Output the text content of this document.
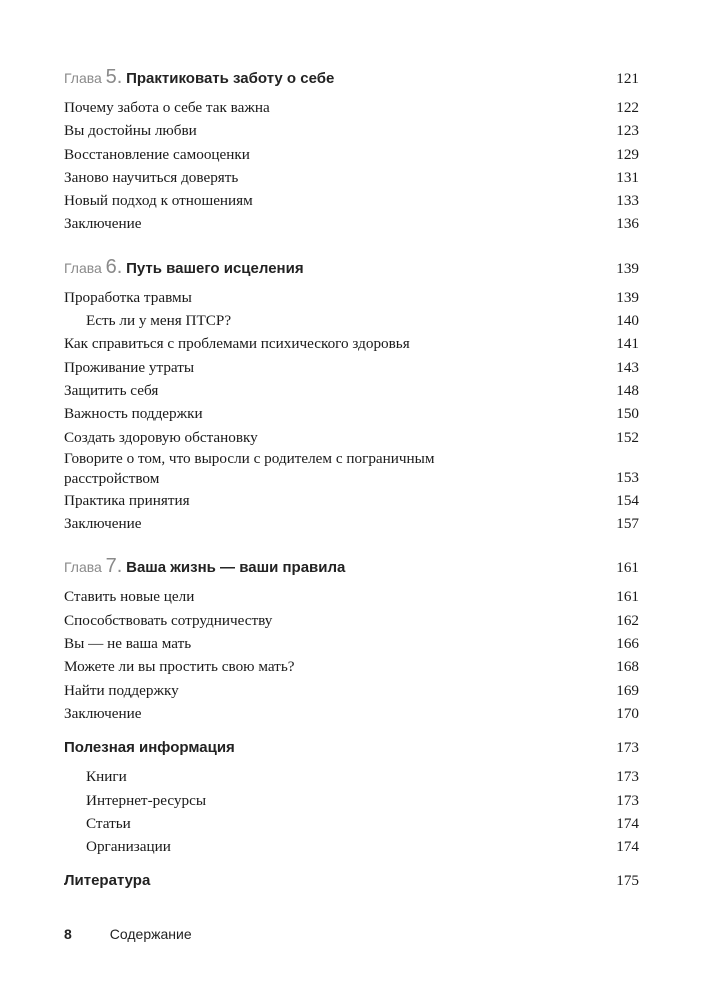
Глава 5. Практиковать заботу о себе	121
Почему забота о себе так важна	122
Вы достойны любви	123
Восстановление самооценки	129
Заново научиться доверять	131
Новый подход к отношениям	133
Заключение	136
Глава 6. Путь вашего исцеления	139
Проработка травмы	139
Есть ли у меня ПТСР?	140
Как справиться с проблемами психического здоровья	141
Проживание утраты	143
Защитить себя	148
Важность поддержки	150
Создать здоровую обстановку	152
Говорите о том, что выросли с родителем с пограничным расстройством	153
Практика принятия	154
Заключение	157
Глава 7. Ваша жизнь — ваши правила	161
Ставить новые цели	161
Способствовать сотрудничеству	162
Вы — не ваша мать	166
Можете ли вы простить свою мать?	168
Найти поддержку	169
Заключение	170
Полезная информация	173
Книги	173
Интернет-ресурсы	173
Статьи	174
Организации	174
Литература	175
8	Содержание
